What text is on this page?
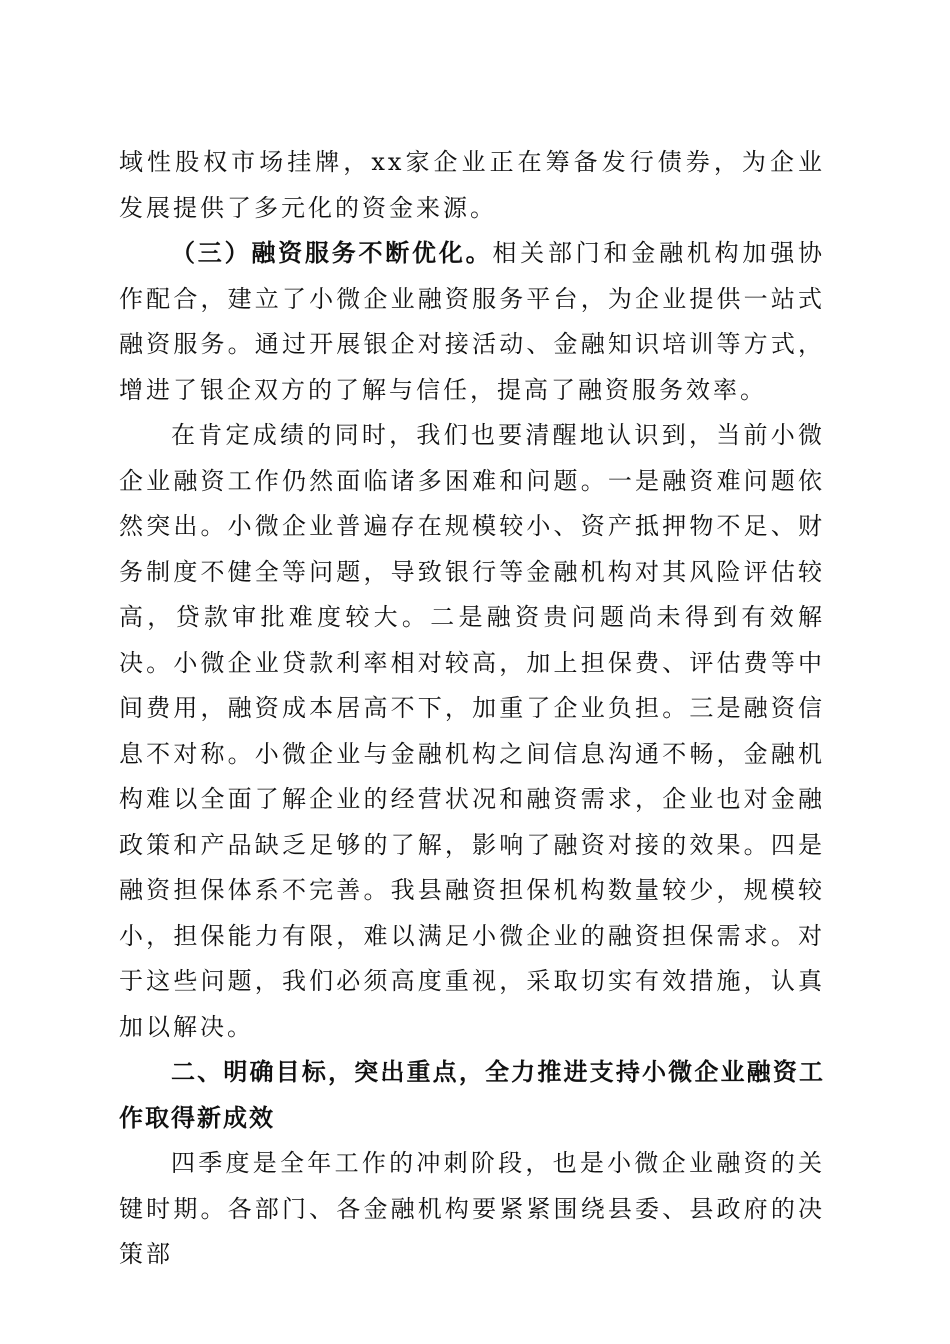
域性股权市场挂牌，xx家企业正在筹备发行债券，为企业发展提供了多元化的资金来源。

（三）融资服务不断优化。相关部门和金融机构加强协作配合，建立了小微企业融资服务平台，为企业提供一站式融资服务。通过开展银企对接活动、金融知识培训等方式，增进了银企双方的了解与信任，提高了融资服务效率。

在肯定成绩的同时，我们也要清醒地认识到，当前小微企业融资工作仍然面临诸多困难和问题。一是融资难问题依然突出。小微企业普遍存在规模较小、资产抵押物不足、财务制度不健全等问题，导致银行等金融机构对其风险评估较高，贷款审批难度较大。二是融资贵问题尚未得到有效解决。小微企业贷款利率相对较高，加上担保费、评估费等中间费用，融资成本居高不下，加重了企业负担。三是融资信息不对称。小微企业与金融机构之间信息沟通不畅，金融机构难以全面了解企业的经营状况和融资需求，企业也对金融政策和产品缺乏足够的了解，影响了融资对接的效果。四是融资担保体系不完善。我县融资担保机构数量较少，规模较小，担保能力有限，难以满足小微企业的融资担保需求。对于这些问题，我们必须高度重视，采取切实有效措施，认真加以解决。

二、明确目标，突出重点，全力推进支持小微企业融资工作取得新成效

四季度是全年工作的冲刺阶段，也是小微企业融资的关键时期。各部门、各金融机构要紧紧围绕县委、县政府的决策部
